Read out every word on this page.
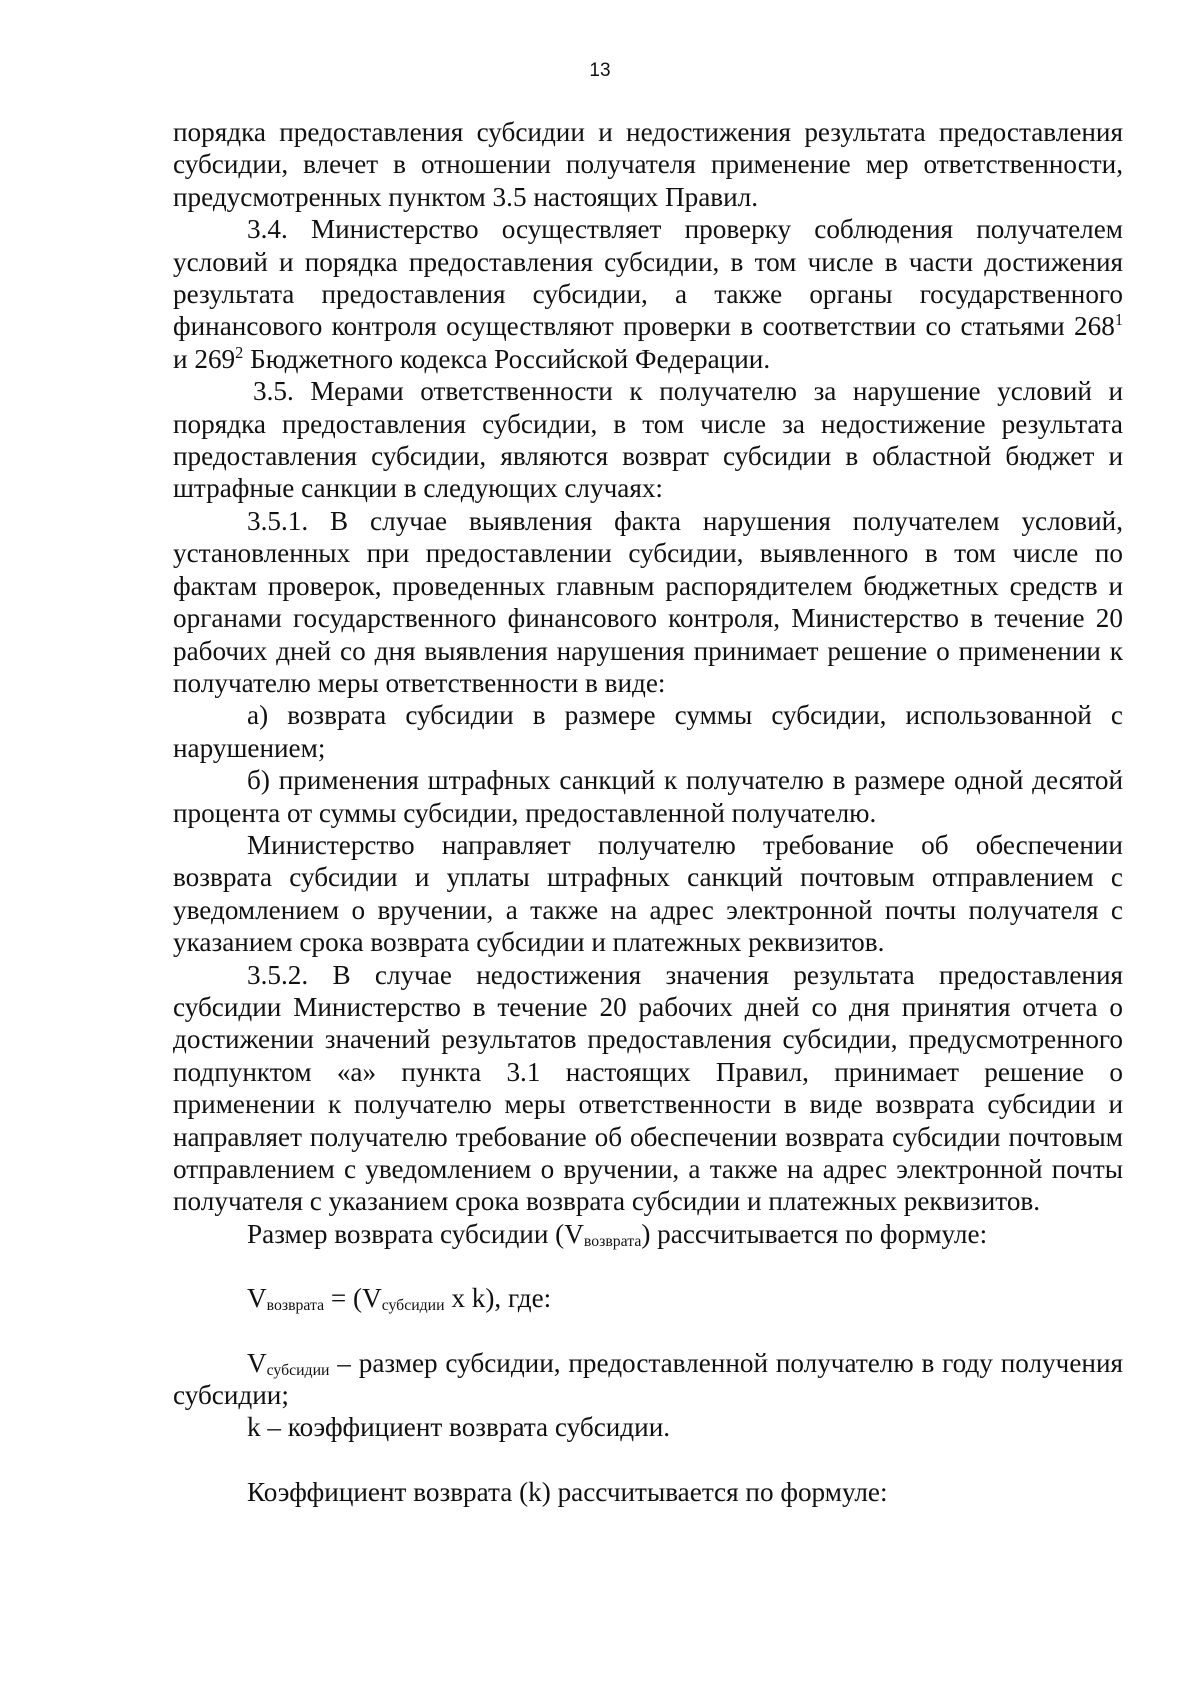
13

порядка предоставления субсидии и недостижения результата предоставления субсидии, влечет в отношении получателя применение мер ответственности, предусмотренных пунктом 3.5 настоящих Правил.

3.4. Министерство осуществляет проверку соблюдения получателем условий и порядка предоставления субсидии, в том числе в части достижения результата предоставления субсидии, а также органы государственного финансового контроля осуществляют проверки в соответствии со статьями $268^1$ и $269^2$ Бюджетного кодекса Российской Федерации.

3.5. Мерами ответственности к получателю за нарушение условий и порядка предоставления субсидии, в том числе за недостижение результата предоставления субсидии, являются возврат субсидии в областной бюджет и штрафные санкции в следующих случаях:

3.5.1. В случае выявления факта нарушения получателем условий, установленных при предоставлении субсидии, выявленного в том числе по фактам проверок, проведенных главным распорядителем бюджетных средств и органами государственного финансового контроля, Министерство в течение 20 рабочих дней со дня выявления нарушения принимает решение о применении к получателю меры ответственности в виде:

а) возврата субсидии в размере суммы субсидии, использованной с нарушением;

б) применения штрафных санкций к получателю в размере одной десятой процента от суммы субсидии, предоставленной получателю.

Министерство направляет получателю требование об обеспечении возврата субсидии и уплаты штрафных санкций почтовым отправлением с уведомлением о вручении, а также на адрес электронной почты получателя с указанием срока возврата субсидии и платежных реквизитов.

3.5.2. В случае недостижения значения результата предоставления субсидии Министерство в течение 20 рабочих дней со дня принятия отчета о достижении значений результатов предоставления субсидии, предусмотренного подпунктом «а» пункта 3.1 настоящих Правил, принимает решение о применении к получателю меры ответственности в виде возврата субсидии и направляет получателю требование об обеспечении возврата субсидии почтовым отправлением с уведомлением о вручении, а также на адрес электронной почты получателя с указанием срока возврата субсидии и платежных реквизитов.

Размер возврата субсидии $(V_{возврата})$ рассчитывается по формуле:

$V_{возврата} = (V_{субсидии}$ x k), где:

$V_{субсидии}$ – размер субсидии, предоставленной получателю в году получения субсидии;

k – коэффициент возврата субсидии.

Коэффициент возврата (k) рассчитывается по формуле:
